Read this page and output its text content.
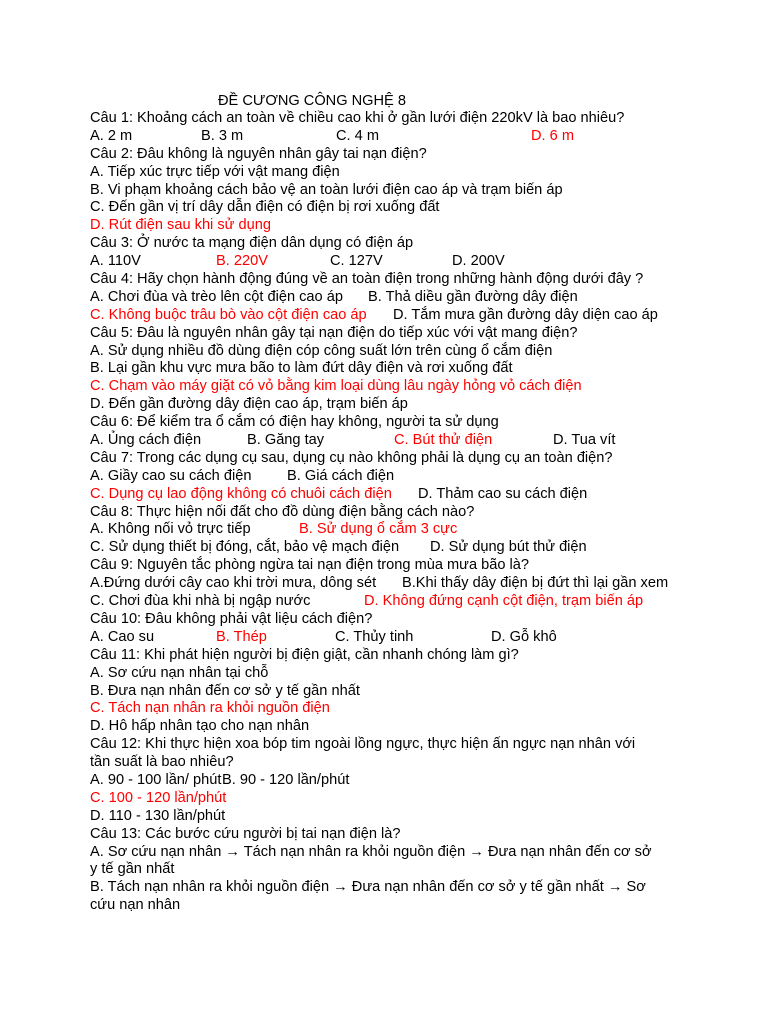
ĐỀ CƯƠNG CÔNG NGHỆ 8
Câu 1: Khoảng cách an toàn về chiều cao khi ở gần lưới điện 220kV là bao nhiêu?
A. 2 m	B. 3 m	C. 4 m	D. 6 m
Câu 2: Đâu không là nguyên nhân gây tai nạn điện?
A. Tiếp xúc trực tiếp với vật mang điện
B. Vi phạm khoảng cách bảo vệ an toàn lưới điện cao áp và trạm biến áp
C. Đến gần vị trí dây dẫn điện có điện bị rơi xuống đất
D. Rút điện sau khi sử dụng
Câu 3: Ở nước ta mạng điện dân dụng có điện áp
A. 110V	B. 220V	C. 127V	D. 200V
Câu 4: Hãy chọn hành động đúng về an toàn điện trong những hành động dưới đây ?
A. Chơi đùa và trèo lên cột điện cao áp B. Thả diều gần đường dây điện
C. Không buộc trâu bò vào cột điện cao áp D. Tắm mưa gần đường dây diện cao áp
Câu 5: Đâu là nguyên nhân gây tại nạn điện do tiếp xúc với vật mang điện?
A. Sử dụng nhiều đồ dùng điện cóp công suất lớn trên cùng ổ cắm điện
B. Lại gần khu vực mưa bão to làm đứt dây điện và rơi xuống đất
C. Chạm vào máy giặt có vỏ bằng kim loại dùng lâu ngày hỏng vỏ cách điện
D. Đến gần đường dây điện cao áp, trạm biến áp
Câu 6: Để kiểm tra ổ cắm có điện hay không, người ta sử dụng
A. Ủng cách điện	B. Găng tay	C. Bút thử điện	D. Tua vít
Câu 7: Trong các dụng cụ sau, dụng cụ nào không phải là dụng cụ an toàn điện?
A. Giầy cao su cách điện B. Giá cách điện
C. Dụng cụ lao động không có chuôi cách điện D. Thảm cao su cách điện
Câu 8: Thực hiện nối đất cho đồ dùng điện bằng cách nào?
A. Không nối vỏ trực tiếp	B. Sử dụng ổ cắm 3 cực
C. Sử dụng thiết bị đóng, cắt, bảo vệ mạch điện D. Sử dụng bút thử điện
Câu 9: Nguyên tắc phòng ngừa tai nạn điện trong mùa mưa bão là?
A.Đứng dưới cây cao khi trời mưa, dông sét B.Khi thấy dây điện bị đứt thì lại gần xem
C. Chơi đùa khi nhà bị ngập nước	D. Không đứng cạnh cột điện, trạm biến áp
Câu 10: Đâu không phải vật liệu cách điện?
A. Cao su	B. Thép	C. Thủy tinh	D. Gỗ khô
Câu 11: Khi phát hiện người bị điện giật, cần nhanh chóng làm gì?
A. Sơ cứu nạn nhân tại chỗ
B. Đưa nạn nhân đến cơ sở y tế gần nhất
C. Tách nạn nhân ra khỏi nguồn điện
D. Hô hấp nhân tạo cho nạn nhân
Câu 12: Khi thực hiện xoa bóp tim ngoài lồng ngực, thực hiện ấn ngực nạn nhân với
tần suất là bao nhiêu?
A. 90 - 100 lần/ phút B. 90 - 120 lần/phút
C. 100 - 120 lần/phút
D. 110 - 130 lần/phút
Câu 13: Các bước cứu người bị tai nạn điện là?
A. Sơ cứu nạn nhân → Tách nạn nhân ra khỏi nguồn điện → Đưa nạn nhân đến cơ sở
y tế gần nhất
B. Tách nạn nhân ra khỏi nguồn điện → Đưa nạn nhân đến cơ sở y tế gần nhất → Sơ
cứu nạn nhân
